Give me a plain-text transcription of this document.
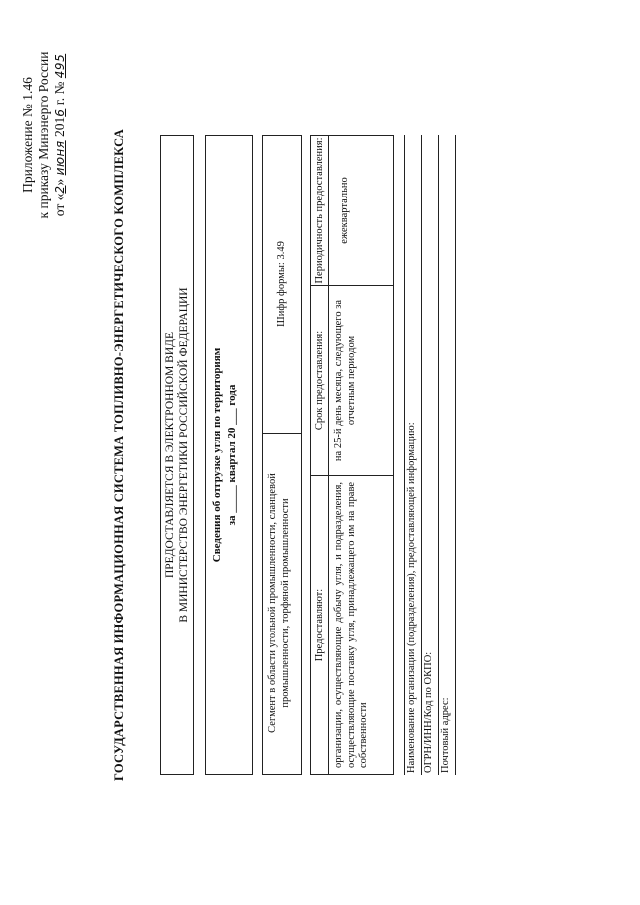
Приложение № 1.46 к приказу Минэнерго России от «2» июня 2016 г. № 495
ГОСУДАРСТВЕННАЯ ИНФОРМАЦИОННАЯ СИСТЕМА ТОПЛИВНО-ЭНЕРГЕТИЧЕСКОГО КОМПЛЕКСА	ПРЕДОСТАВЛЯЕТСЯ В ЭЛЕКТРОННОМ ВИДЕ В МИНИСТЕРСТВО ЭНЕРГЕТИКИ РОССИЙСКОЙ ФЕДЕРАЦИИ Сведения об отгрузке угля по территориям за _____ квартал 20 ___ года
Сегмент в области угольной промышленности, сланцевой промышленности, торфяной промышленности
Шифр формы: 3.49
Предоставляют: организации, осуществляющие добычу угля, и подразделения, осуществляющие поставку угля, принадлежащего им на праве собственности
Срок предоставления: на 25-й день месяца, следующего за отчетным периодом
Периодичность предоставления:	ежеквартально
Наименование организации (подразделения), предоставляющей информацию: ОГРН/ИНН/Код по ОКПО: Почтовый адрес:
